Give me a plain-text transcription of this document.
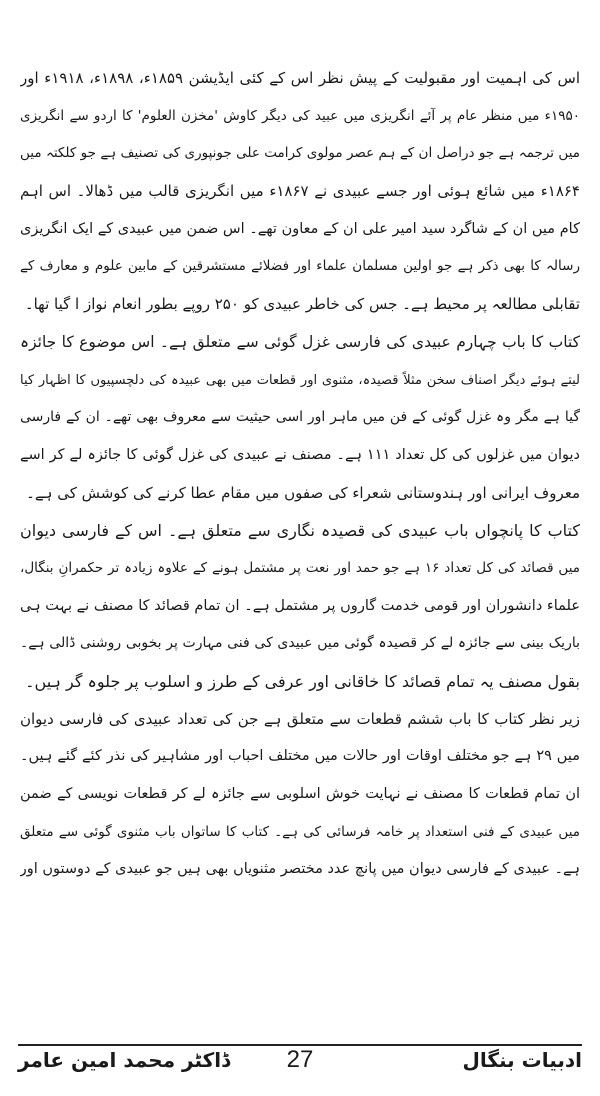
اس کی اہمیت اور مقبولیت کے پیش نظر اس کے کئی ایڈیشن ۱۸۵۹ء، ۱۸۹۸ء، ۱۹۱۸ء اور
۱۹۵۰ء میں منظر عام پر آئے انگریزی میں عبید کی دیگر کاوش 'مخزن العلوم' کا اردو سے انگریزی
میں ترجمہ ہے جو دراصل ان کے ہم عصر مولوی کرامت علی جونپوری کی تصنیف ہے جو کلکتہ میں
۱۸۶۴ء میں شائع ہوئی اور جسے عبیدی نے ۱۸۶۷ء میں انگریزی قالب میں ڈھالا۔ اس اہم
کام میں ان کے شاگرد سید امیر علی ان کے معاون تھے۔ اس ضمن میں عبیدی کے ایک انگریزی
رسالہ کا بھی ذکر ہے جو اولین مسلمان علماء اور فضلائے مستشرقین کے مابین علوم و معارف کے
تقابلی مطالعہ پر محیط ہے۔ جس کی خاطر عبیدی کو ۲۵۰ روپے بطور انعام نواز ا گیا تھا۔
کتاب کا باب چہارم عبیدی کی فارسی غزل گوئی سے متعلق ہے۔ اس موضوع کا جائزہ
لیتے ہوئے دیگر اصناف سخن مثلاً قصیدہ، مثنوی اور قطعات میں بھی عبیدہ کی دلچسپیوں کا اظہار کیا
گیا ہے مگر وہ غزل گوئی کے فن میں ماہر اور اسی حیثیت سے معروف بھی تھے۔ ان کے فارسی
دیوان میں غزلوں کی کل تعداد ۱۱۱ ہے۔ مصنف نے عبیدی کی غزل گوئی کا جائزہ لے کر اسے
معروف ایرانی اور ہندوستانی شعراء کی صفوں میں مقام عطا کرنے کی کوشش کی ہے۔
کتاب کا پانچواں باب عبیدی کی قصیدہ نگاری سے متعلق ہے۔ اس کے فارسی دیوان
میں قصائد کی کل تعداد ۱۶ ہے جو حمد اور نعت پر مشتمل ہونے کے علاوہ زیادہ تر حکمرانِ بنگال،
علماء دانشوران اور قومی خدمت گاروں پر مشتمل ہے۔ ان تمام قصائد کا مصنف نے بہت ہی
باریک بینی سے جائزہ لے کر قصیدہ گوئی میں عبیدی کی فنی مہارت پر بخوبی روشنی ڈالی ہے۔
بقول مصنف یہ تمام قصائد کا خاقانی اور عرفی کے طرز و اسلوب پر جلوہ گر ہیں۔
زیر نظر کتاب کا باب ششم قطعات سے متعلق ہے جن کی تعداد عبیدی کی فارسی دیوان
میں ۲۹ ہے جو مختلف اوقات اور حالات میں مختلف احباب اور مشاہیر کی نذر کئے گئے ہیں۔
ان تمام قطعات کا مصنف نے نہایت خوش اسلوبی سے جائزہ لے کر قطعات نویسی کے ضمن
میں عبیدی کے فنی استعداد پر خامہ فرسائی کی ہے۔ کتاب کا ساتواں باب مثنوی گوئی سے متعلق
ہے۔ عبیدی کے فارسی دیوان میں پانچ عدد مختصر مثنویاں بھی ہیں جو عبیدی کے دوستوں اور
ڈاکٹر محمد امین عامر	27	ادبیات بنگال
